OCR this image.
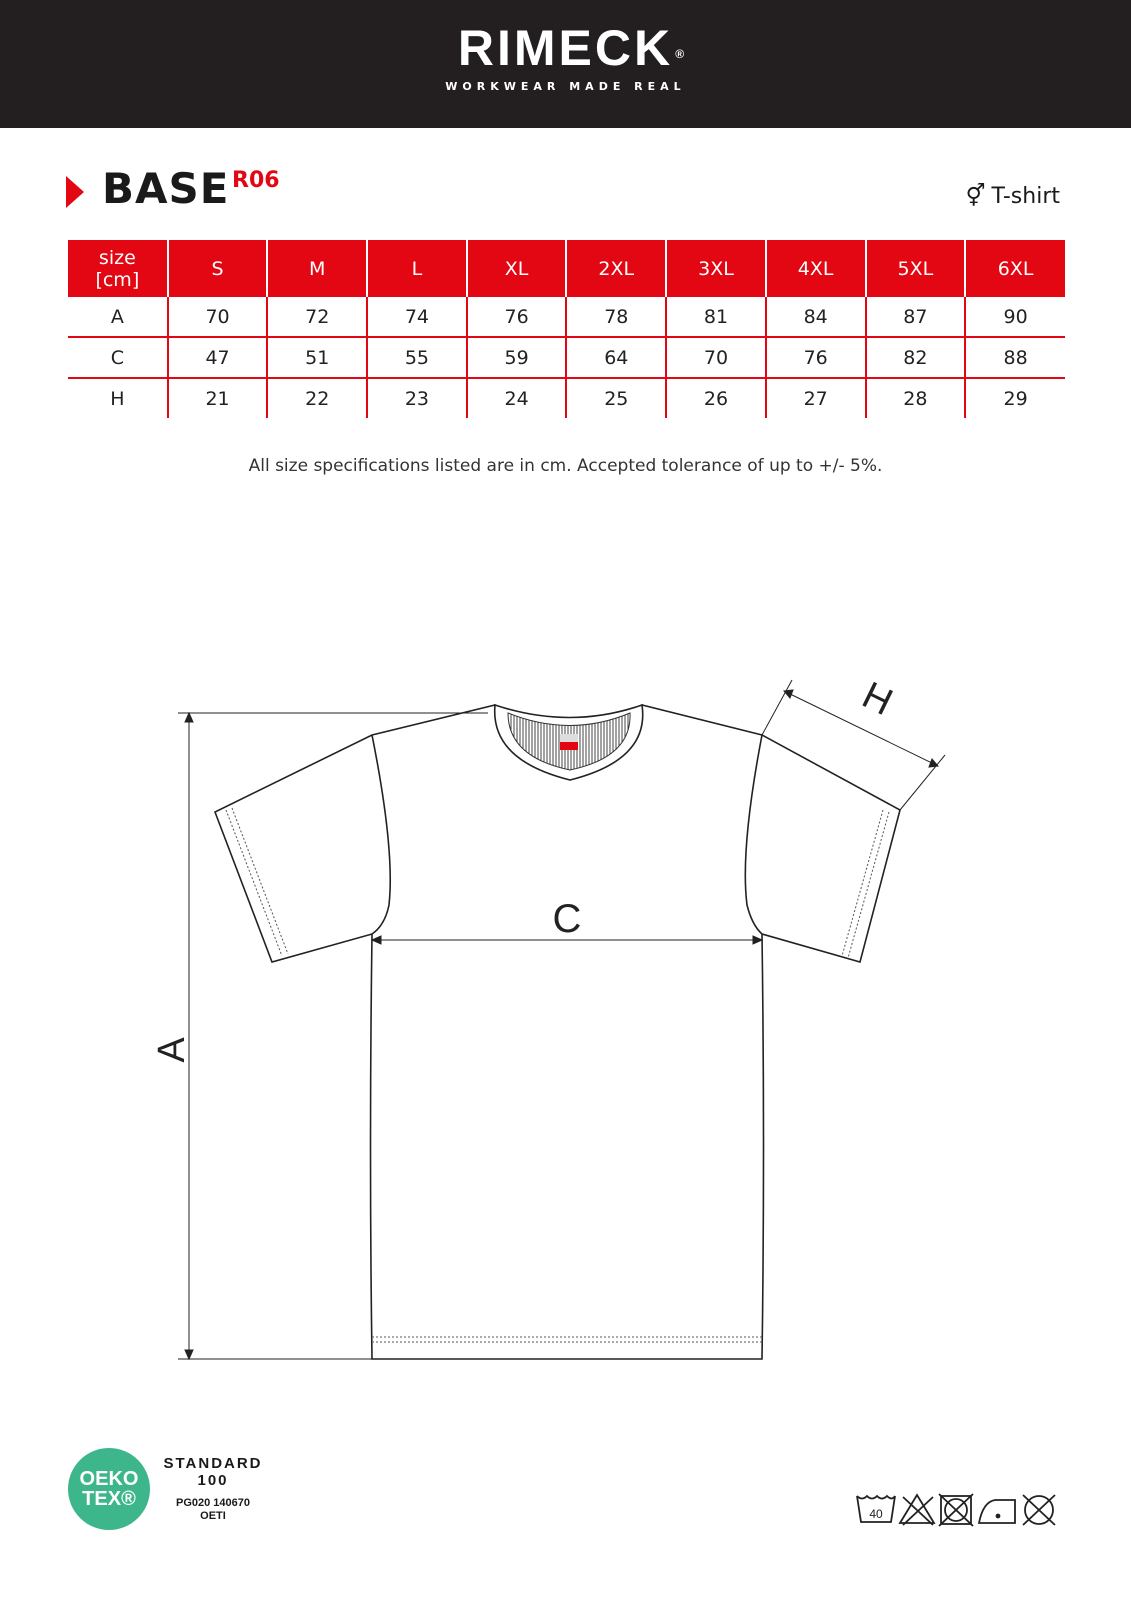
RIMECK ®
WORKWEAR MADE REAL
BASE R06
⚥ T-shirt
size
[cm]	S	M	L	XL	2XL	3XL	4XL	5XL	6XL
A	70	72	74	76	78	81	84	87	90
C	47	51	55	59	64	70	76	82	88
H	21	22	23	24	25	26	27	28	29
All size specifications listed are in cm. Accepted tolerance of up to +/- 5%.
A
C
H
OEKO
TEX®
STANDARD
100
PG020 140670
OETI	40
